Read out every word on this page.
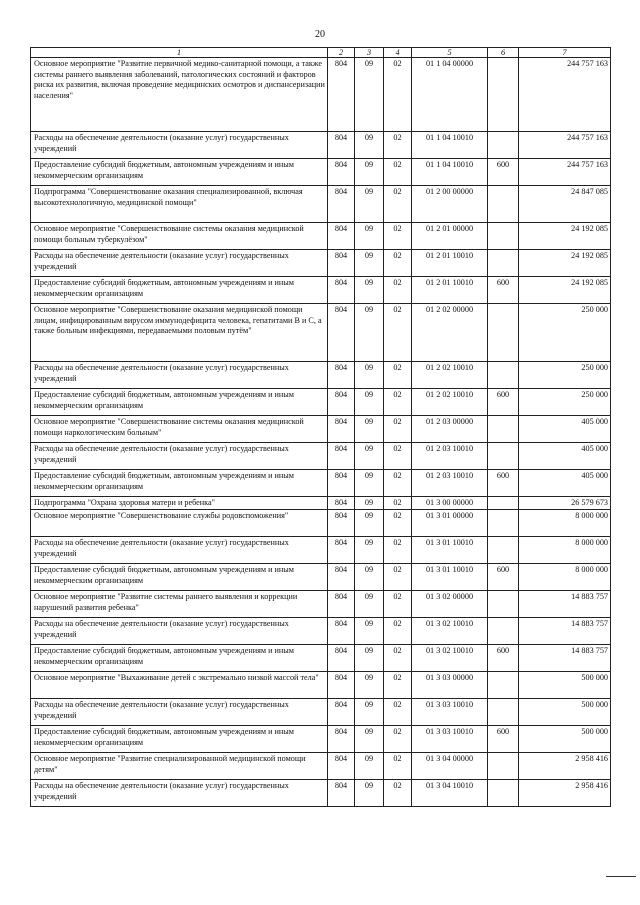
20
1	2	3	4	5	6	7
Основное мероприятие "Развитие первичной медико-санитарной помощи, а также системы раннего выявления заболеваний, патологических состояний и факторов риска их развития, включая проведение медицинских осмотров и диспансеризации населения"	804	09	02	01 1 04 00000		244 757 163
Расходы на обеспечение деятельности (оказание услуг) государственных учреждений	804	09	02	01 1 04 10010		244 757 163
Предоставление субсидий бюджетным, автономным учреждениям и иным некоммерческим организациям	804	09	02	01 1 04 10010	600	244 757 163
Подпрограмма "Совершенствование оказания специализированной, включая высокотехнологичную, медицинской помощи"	804	09	02	01 2 00 00000		24 847 085
Основное мероприятие "Совершенствование системы оказания медицинской помощи больным туберкулёзом"	804	09	02	01 2 01 00000		24 192 085
Расходы на обеспечение деятельности (оказание услуг) государственных учреждений	804	09	02	01 2 01 10010		24 192 085
Предоставление субсидий бюджетным, автономным учреждениям и иным некоммерческим организациям	804	09	02	01 2 01 10010	600	24 192 085
Основное мероприятие "Совершенствование оказания медицинской помощи лицам, инфицированным вирусом иммунодефицита человека, гепатитами В и С, а также больным инфекциями, передаваемыми половым путём"	804	09	02	01 2 02 00000		250 000
Расходы на обеспечение деятельности (оказание услуг) государственных учреждений	804	09	02	01 2 02 10010		250 000
Предоставление субсидий бюджетным, автономным учреждениям и иным некоммерческим организациям	804	09	02	01 2 02 10010	600	250 000
Основное мероприятие "Совершенствование системы оказания медицинской помощи наркологическим больным"	804	09	02	01 2 03 00000		405 000
Расходы на обеспечение деятельности (оказание услуг) государственных учреждений	804	09	02	01 2 03 10010		405 000
Предоставление субсидий бюджетным, автономным учреждениям и иным некоммерческим организациям	804	09	02	01 2 03 10010	600	405 000
Подпрограмма "Охрана здоровья матери и ребенка"	804	09	02	01 3 00 00000		26 579 673
Основное мероприятие "Совершенствование службы родовспоможения"	804	09	02	01 3 01 00000		8 000 000
Расходы на обеспечение деятельности (оказание услуг) государственных учреждений	804	09	02	01 3 01 10010		8 000 000
Предоставление субсидий бюджетным, автономным учреждениям и иным некоммерческим организациям	804	09	02	01 3 01 10010	600	8 000 000
Основное мероприятие "Развитие системы раннего выявления и коррекции нарушений развития ребенка"	804	09	02	01 3 02 00000		14 883 757
Расходы на обеспечение деятельности (оказание услуг) государственных учреждений	804	09	02	01 3 02 10010		14 883 757
Предоставление субсидий бюджетным, автономным учреждениям и иным некоммерческим организациям	804	09	02	01 3 02 10010	600	14 883 757
Основное мероприятие "Выхаживание детей с экстремально низкой массой тела"	804	09	02	01 3 03 00000		500 000
Расходы на обеспечение деятельности (оказание услуг) государственных учреждений	804	09	02	01 3 03 10010		500 000
Предоставление субсидий бюджетным, автономным учреждениям и иным некоммерческим организациям	804	09	02	01 3 03 10010	600	500 000
Основное мероприятие "Развитие специализированной медицинской помощи детям"	804	09	02	01 3 04 00000		2 958 416
Расходы на обеспечение деятельности (оказание услуг) государственных учреждений	804	09	02	01 3 04 10010		2 958 416
